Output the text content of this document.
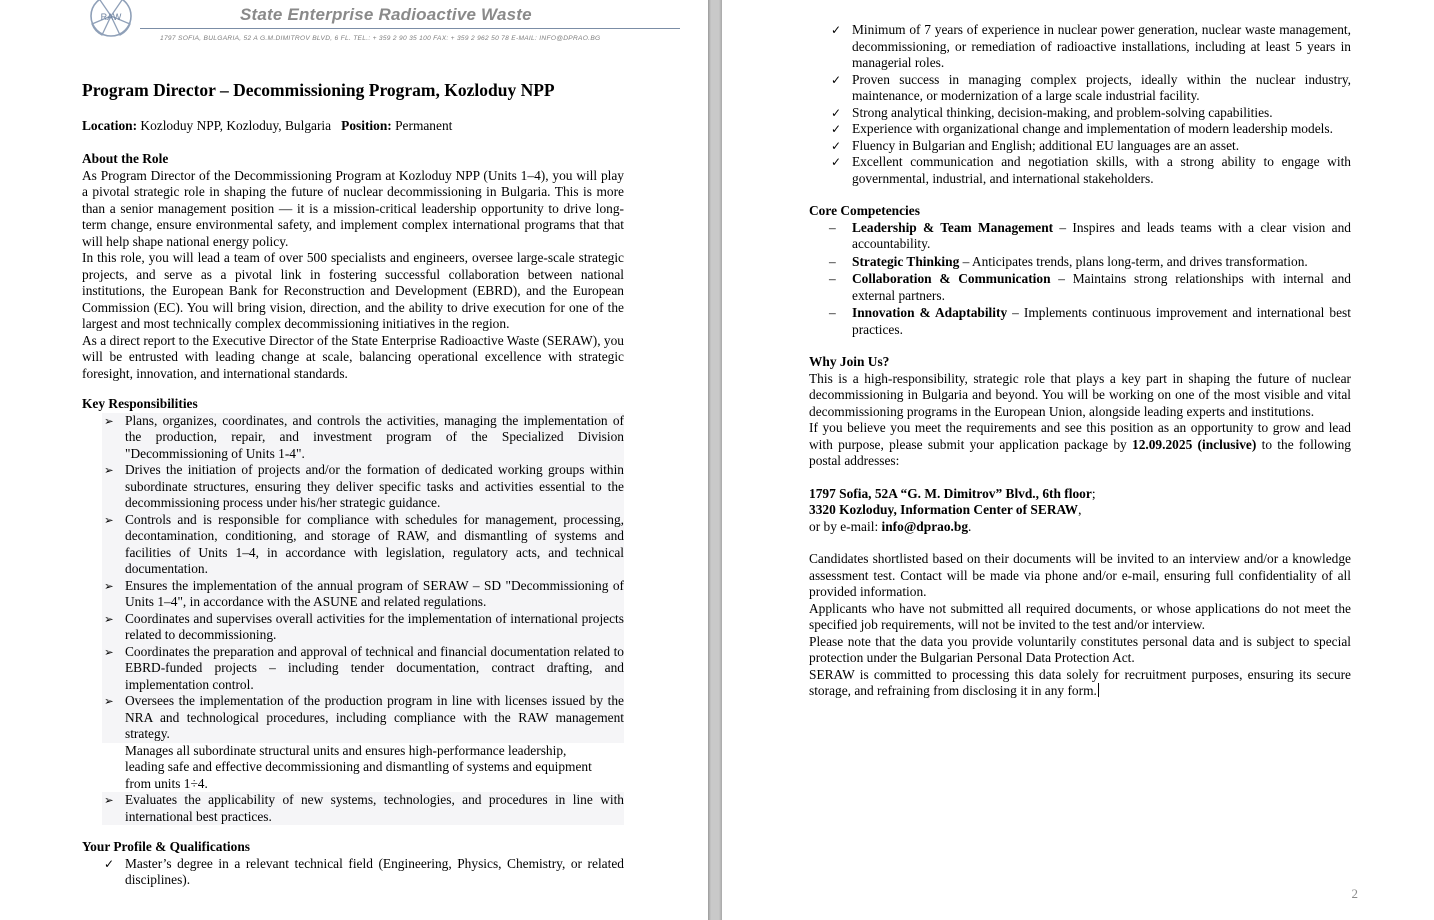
RAW	State Enterprise Radioactive Waste
1797 SOFIA, BULGARIA, 52 A G.M.DIMITROV BLVD, 6 FL. TEL.: + 359 2 90 35 100 FAX: + 359 2 962 50 78 E-MAIL: INFO@DPRAO.BG
Program Director – Decommissioning Program, Kozloduy NPP
Location: Kozloduy NPP, Kozloduy, Bulgaria Position: Permanent
About the Role

As Program Director of the Decommissioning Program at Kozloduy NPP (Units 1–4), you will play a pivotal strategic role in shaping the future of nuclear decommissioning in Bulgaria. This is more than a senior management position — it is a mission-critical leadership opportunity to drive long-term change, ensure environmental safety, and implement complex international programs that that will help shape national energy policy.

In this role, you will lead a team of over 500 specialists and engineers, oversee large-scale strategic projects, and serve as a pivotal link in fostering successful collaboration between national institutions, the European Bank for Reconstruction and Development (EBRD), and the European Commission (EC). You will bring vision, direction, and the ability to drive execution for one of the largest and most technically complex decommissioning initiatives in the region.

As a direct report to the Executive Director of the State Enterprise Radioactive Waste (SERAW), you will be entrusted with leading change at scale, balancing operational excellence with strategic foresight, innovation, and international standards.

Key Responsibilities
➢ Plans, organizes, coordinates, and controls the activities, managing the implementation of the production, repair, and investment program of the Specialized Division "Decommissioning of Units 1-4".
➢ Drives the initiation of projects and/or the formation of dedicated working groups within subordinate structures, ensuring they deliver specific tasks and activities essential to the decommissioning process under his/her strategic guidance.
➢ Controls and is responsible for compliance with schedules for management, processing, decontamination, conditioning, and storage of RAW, and dismantling of systems and facilities of Units 1–4, in accordance with legislation, regulatory acts, and technical documentation.
➢ Ensures the implementation of the annual program of SERAW – SD "Decommissioning of Units 1–4", in accordance with the ASUNE and related regulations.
➢ Coordinates and supervises overall activities for the implementation of international projects related to decommissioning.
➢ Coordinates the preparation and approval of technical and financial documentation related to EBRD-funded projects – including tender documentation, contract drafting, and implementation control.
➢ Oversees the implementation of the production program in line with licenses issued by the NRA and technological procedures, including compliance with the RAW management strategy.
Manages all subordinate structural units and ensures high-performance leadership, leading safe and effective decommissioning and dismantling of systems and equipment from units 1÷4.
➢ Evaluates the applicability of new systems, technologies, and procedures in line with international best practices.
Your Profile & Qualifications
✓ Master’s degree in a relevant technical field (Engineering, Physics, Chemistry, or related disciplines).
✓ Minimum of 7 years of experience in nuclear power generation, nuclear waste management, decommissioning, or remediation of radioactive installations, including at least 5 years in managerial roles.
✓ Proven success in managing complex projects, ideally within the nuclear industry, maintenance, or modernization of a large scale industrial facility.
✓ Strong analytical thinking, decision-making, and problem-solving capabilities.
✓ Experience with organizational change and implementation of modern leadership models.
✓ Fluency in Bulgarian and English; additional EU languages are an asset.
✓ Excellent communication and negotiation skills, with a strong ability to engage with governmental, industrial, and international stakeholders.
Core Competencies
– Leadership & Team Management – Inspires and leads teams with a clear vision and accountability.
– Strategic Thinking – Anticipates trends, plans long-term, and drives transformation.
– Collaboration & Communication – Maintains strong relationships with internal and external partners.
– Innovation & Adaptability – Implements continuous improvement and international best practices.
Why Join Us?

This is a high-responsibility, strategic role that plays a key part in shaping the future of nuclear decommissioning in Bulgaria and beyond. You will be working on one of the most visible and vital decommissioning programs in the European Union, alongside leading experts and institutions.

If you believe you meet the requirements and see this position as an opportunity to grow and lead with purpose, please submit your application package by 12.09.2025 (inclusive) to the following postal addresses:

1797 Sofia, 52A “G. M. Dimitrov” Blvd., 6th floor;
3320 Kozloduy, Information Center of SERAW,
or by e-mail: info@dprao.bg.

Candidates shortlisted based on their documents will be invited to an interview and/or a knowledge assessment test. Contact will be made via phone and/or e-mail, ensuring full confidentiality of all provided information.

Applicants who have not submitted all required documents, or whose applications do not meet the specified job requirements, will not be invited to the test and/or interview.

Please note that the data you provide voluntarily constitutes personal data and is subject to special protection under the Bulgarian Personal Data Protection Act.

SERAW is committed to processing this data solely for recruitment purposes, ensuring its secure storage, and refraining from disclosing it in any form.

2
